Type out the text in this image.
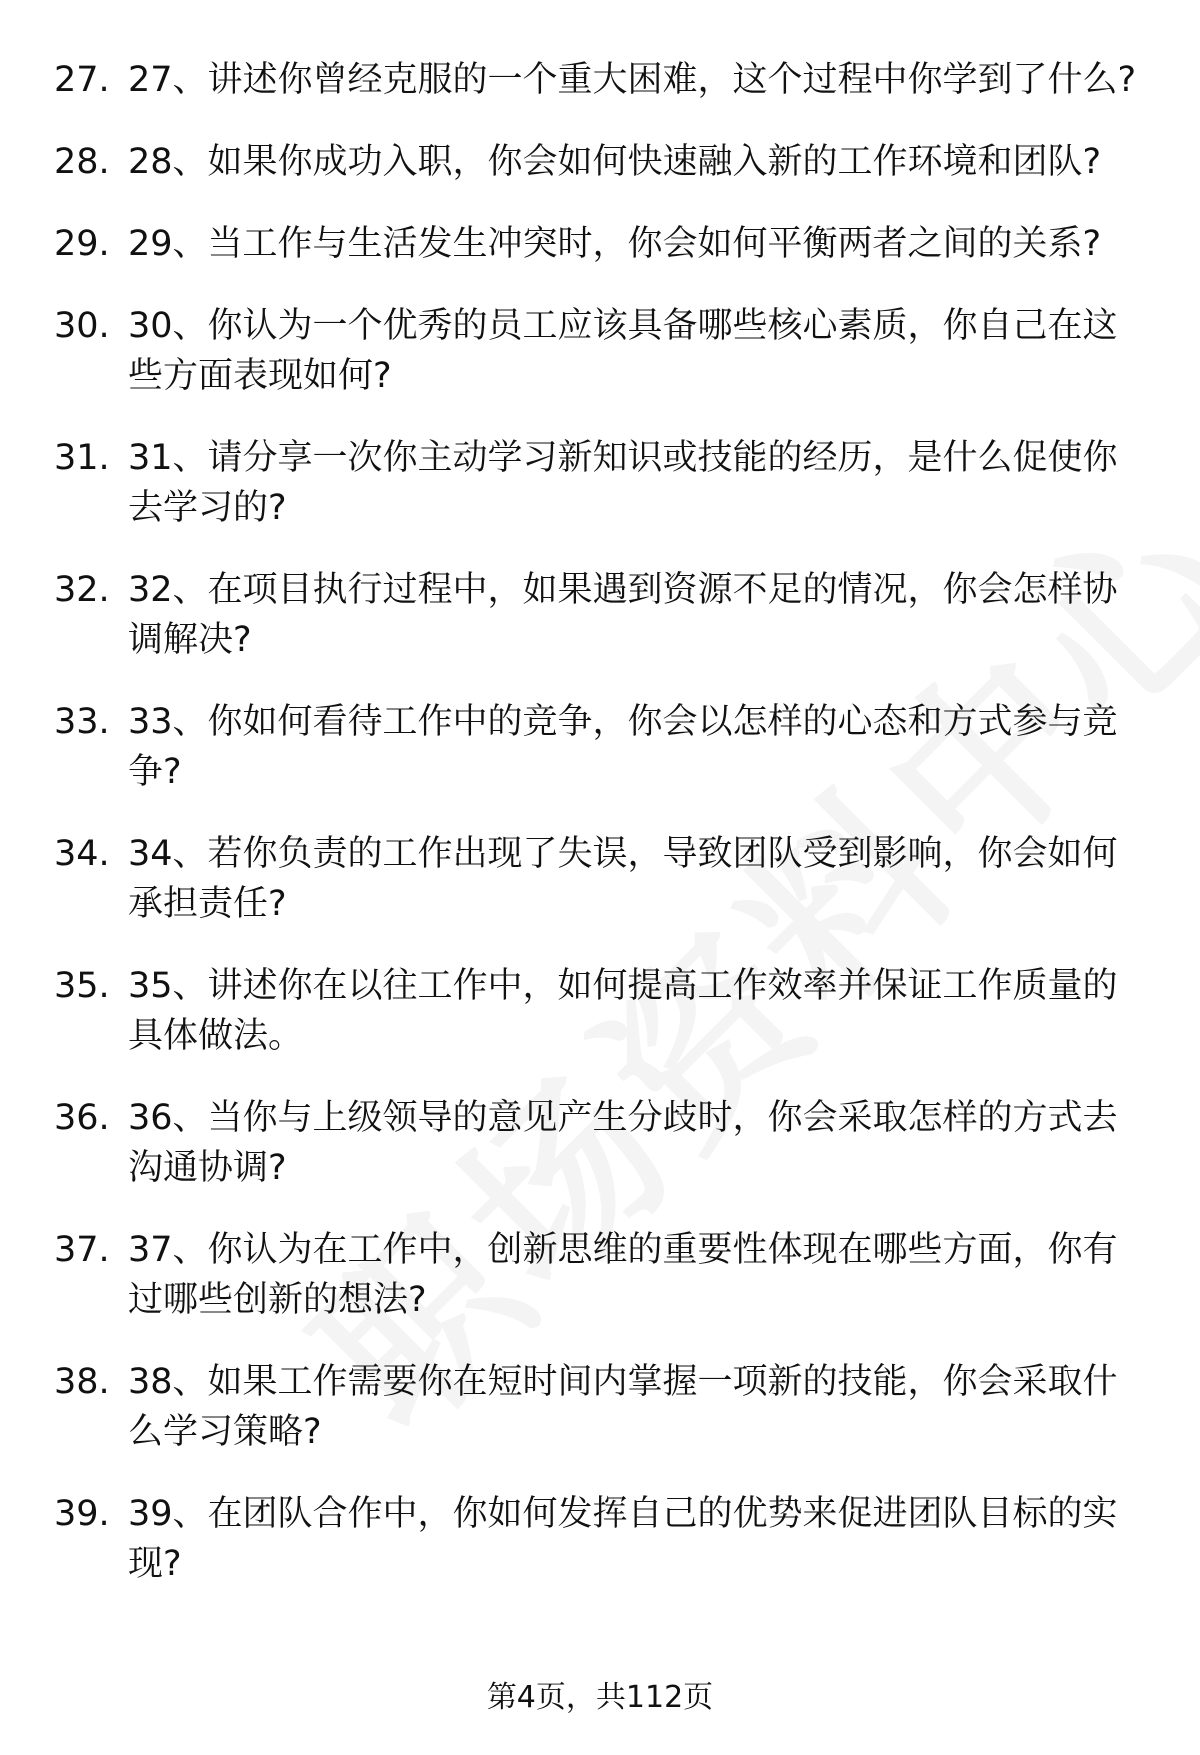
27. 27、讲述你曾经克服的一个重大困难，这个过程中你学到了什么?
28. 28、如果你成功入职，你会如何快速融入新的工作环境和团队?
29. 29、当工作与生活发生冲突时，你会如何平衡两者之间的关系?
30. 30、你认为一个优秀的员工应该具备哪些核心素质，你自己在这些方面表现如何?
31. 31、请分享一次你主动学习新知识或技能的经历，是什么促使你去学习的?
32. 32、在项目执行过程中，如果遇到资源不足的情况，你会怎样协调解决?
33. 33、你如何看待工作中的竞争，你会以怎样的心态和方式参与竞争?
34. 34、若你负责的工作出现了失误，导致团队受到影响，你会如何承担责任?
35. 35、讲述你在以往工作中，如何提高工作效率并保证工作质量的具体做法。
36. 36、当你与上级领导的意见产生分歧时，你会采取怎样的方式去沟通协调?
37. 37、你认为在工作中，创新思维的重要性体现在哪些方面，你有过哪些创新的想法?
38. 38、如果工作需要你在短时间内掌握一项新的技能，你会采取什么学习策略?
39. 39、在团队合作中，你如何发挥自己的优势来促进团队目标的实现?
第4页，共112页
